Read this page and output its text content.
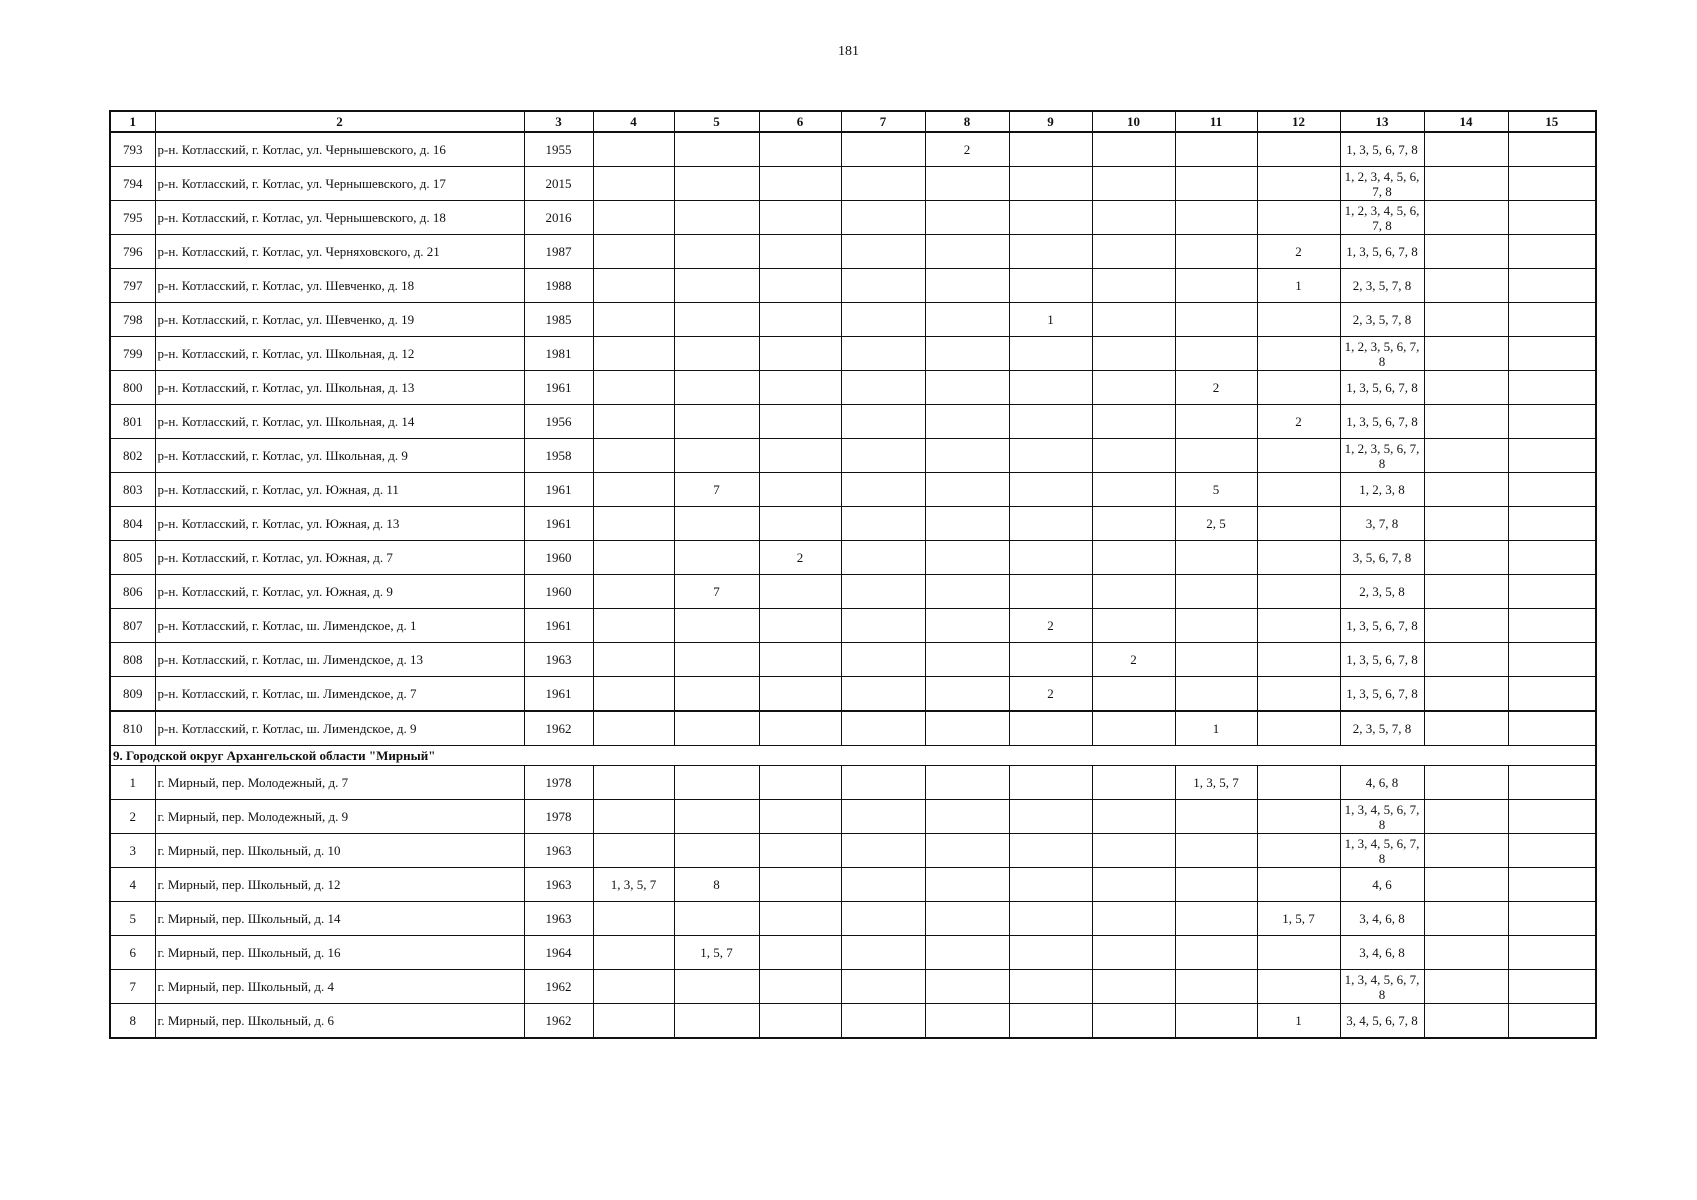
181
1	2	3	4	5	6	7	8	9	10	11	12	13	14	15
793	р-н. Котласский, г. Котлас, ул. Чернышевского, д. 16	1955					2					1, 3, 5, 6, 7, 8		
794	р-н. Котласский, г. Котлас, ул. Чернышевского, д. 17	2015										1, 2, 3, 4, 5, 6, 7, 8		
795	р-н. Котласский, г. Котлас, ул. Чернышевского, д. 18	2016										1, 2, 3, 4, 5, 6, 7, 8		
796	р-н. Котласский, г. Котлас, ул. Черняховского, д. 21	1987									2	1, 3, 5, 6, 7, 8		
797	р-н. Котласский, г. Котлас, ул. Шевченко, д. 18	1988									1	2, 3, 5, 7, 8		
798	р-н. Котласский, г. Котлас, ул. Шевченко, д. 19	1985						1				2, 3, 5, 7, 8		
799	р-н. Котласский, г. Котлас, ул. Школьная, д. 12	1981										1, 2, 3, 5, 6, 7, 8		
800	р-н. Котласский, г. Котлас, ул. Школьная, д. 13	1961								2		1, 3, 5, 6, 7, 8		
801	р-н. Котласский, г. Котлас, ул. Школьная, д. 14	1956									2	1, 3, 5, 6, 7, 8		
802	р-н. Котласский, г. Котлас, ул. Школьная, д. 9	1958										1, 2, 3, 5, 6, 7, 8		
803	р-н. Котласский, г. Котлас, ул. Южная, д. 11	1961		7						5		1, 2, 3, 8		
804	р-н. Котласский, г. Котлас, ул. Южная, д. 13	1961								2, 5		3, 7, 8		
805	р-н. Котласский, г. Котлас, ул. Южная, д. 7	1960			2							3, 5, 6, 7, 8		
806	р-н. Котласский, г. Котлас, ул. Южная, д. 9	1960		7								2, 3, 5, 8		
807	р-н. Котласский, г. Котлас, ш. Лимендское, д. 1	1961						2				1, 3, 5, 6, 7, 8		
808	р-н. Котласский, г. Котлас, ш. Лимендское, д. 13	1963							2			1, 3, 5, 6, 7, 8		
809	р-н. Котласский, г. Котлас, ш. Лимендское, д. 7	1961						2				1, 3, 5, 6, 7, 8		
810	р-н. Котласский, г. Котлас, ш. Лимендское, д. 9	1962								1		2, 3, 5, 7, 8		
9. Городской округ Архангельской области "Мирный"														
1	г. Мирный, пер. Молодежный, д. 7	1978								1, 3, 5, 7		4, 6, 8		
2	г. Мирный, пер. Молодежный, д. 9	1978										1, 3, 4, 5, 6, 7, 8		
3	г. Мирный, пер. Школьный, д. 10	1963										1, 3, 4, 5, 6, 7, 8		
4	г. Мирный, пер. Школьный, д. 12	1963	1, 3, 5, 7	8								4, 6		
5	г. Мирный, пер. Школьный, д. 14	1963									1, 5, 7	3, 4, 6, 8		
6	г. Мирный, пер. Школьный, д. 16	1964		1, 5, 7								3, 4, 6, 8		
7	г. Мирный, пер. Школьный, д. 4	1962										1, 3, 4, 5, 6, 7, 8		
8	г. Мирный, пер. Школьный, д. 6	1962									1	3, 4, 5, 6, 7, 8		
